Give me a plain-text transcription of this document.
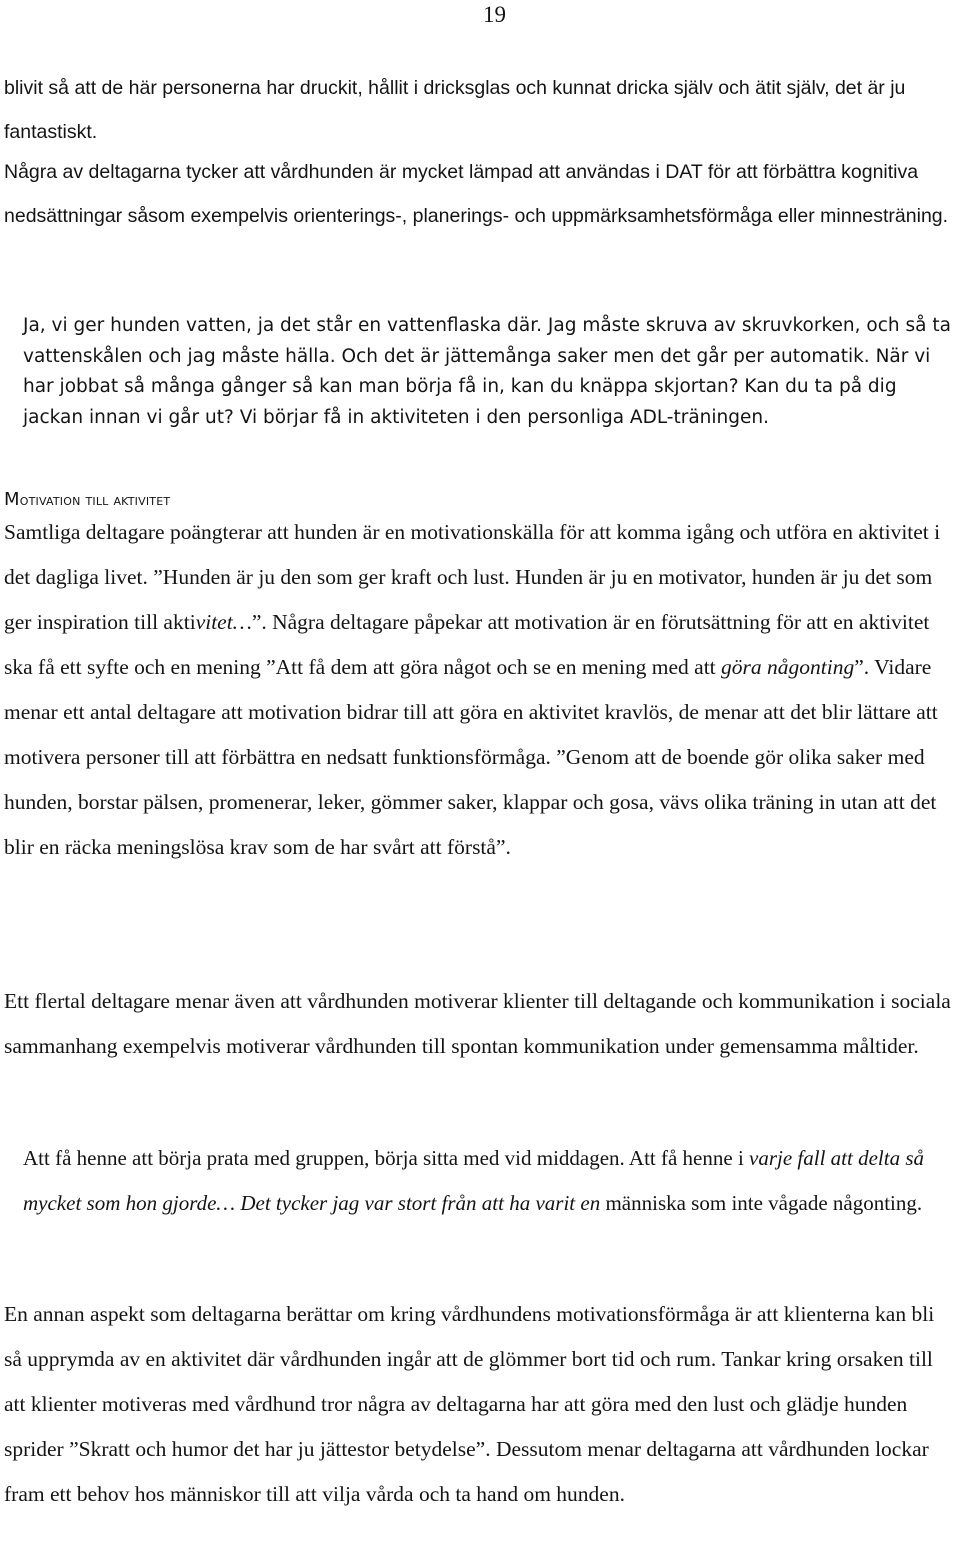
19

blivit så att de här personerna har druckit, hållit i dricksglas och kunnat dricka själv och ätit själv, det är ju fantastiskt.

Några av deltagarna tycker att vårdhunden är mycket lämpad att användas i DAT för att förbättra kognitiva nedsättningar såsom exempelvis orienterings-, planerings- och uppmärksamhetsförmåga eller minnesträning.

Ja, vi ger hunden vatten, ja det står en vattenflaska där. Jag måste skruva av skruvkorken, och så ta vattenskålen och jag måste hälla. Och det är jättemånga saker men det går per automatik. När vi har jobbat så många gånger så kan man börja få in, kan du knäppa skjortan? Kan du ta på dig jackan innan vi går ut? Vi börjar få in aktiviteten i den personliga ADL-träningen.

Motivation till aktivitet

Samtliga deltagare poängterar att hunden är en motivationskälla för att komma igång och utföra en aktivitet i det dagliga livet. ”Hunden är ju den som ger kraft och lust. Hunden är ju en motivator, hunden är ju det som ger inspiration till aktivitet…”. Några deltagare påpekar att motivation är en förutsättning för att en aktivitet ska få ett syfte och en mening ”Att få dem att göra något och se en mening med att göra någonting”. Vidare menar ett antal deltagare att motivation bidrar till att göra en aktivitet kravlös, de menar att det blir lättare att motivera personer till att förbättra en nedsatt funktionsförmåga. ”Genom att de boende gör olika saker med hunden, borstar pälsen, promenerar, leker, gömmer saker, klappar och gosa, vävs olika träning in utan att det blir en räcka meningslösa krav som de har svårt att förstå”.

Ett flertal deltagare menar även att vårdhunden motiverar klienter till deltagande och kommunikation i sociala sammanhang exempelvis motiverar vårdhunden till spontan kommunikation under gemensamma måltider.

Att få henne att börja prata med gruppen, börja sitta med vid middagen. Att få henne i varje fall att delta så mycket som hon gjorde… Det tycker jag var stort från att ha varit en människa som inte vågade någonting.

En annan aspekt som deltagarna berättar om kring vårdhundens motivationsförmåga är att klienterna kan bli så upprymda av en aktivitet där vårdhunden ingår att de glömmer bort tid och rum. Tankar kring orsaken till att klienter motiveras med vårdhund tror några av deltagarna har att göra med den lust och glädje hunden sprider ”Skratt och humor det har ju jättestor betydelse”. Dessutom menar deltagarna att vårdhunden lockar fram ett behov hos människor till att vilja vårda och ta hand om hunden.
